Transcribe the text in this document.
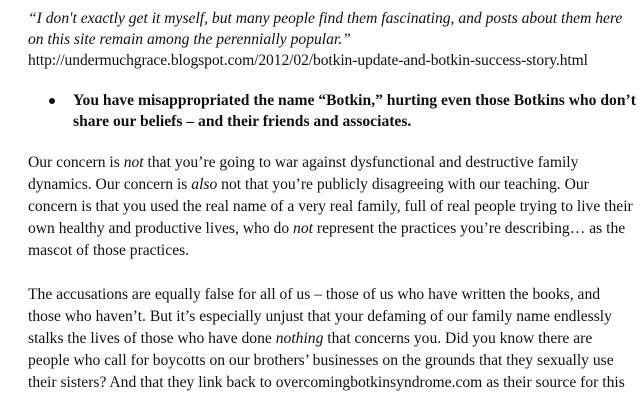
“I don't exactly get it myself, but many people find them fascinating, and posts about them here on this site remain among the perennially popular.”

http://undermuchgrace.blogspot.com/2012/02/botkin-update-and-botkin-success-story.html

You have misappropriated the name “Botkin,” hurting even those Botkins who don’t share our beliefs – and their friends and associates.

Our concern is not that you’re going to war against dysfunctional and destructive family dynamics. Our concern is also not that you’re publicly disagreeing with our teaching. Our concern is that you used the real name of a very real family, full of real people trying to live their own healthy and productive lives, who do not represent the practices you’re describing… as the mascot of those practices.

The accusations are equally false for all of us – those of us who have written the books, and those who haven’t. But it’s especially unjust that your defaming of our family name endlessly stalks the lives of those who have done nothing that concerns you. Did you know there are people who call for boycotts on our brothers’ businesses on the grounds that they sexually use their sisters? And that they link back to overcomingbotkinsyndrome.com as their source for this
